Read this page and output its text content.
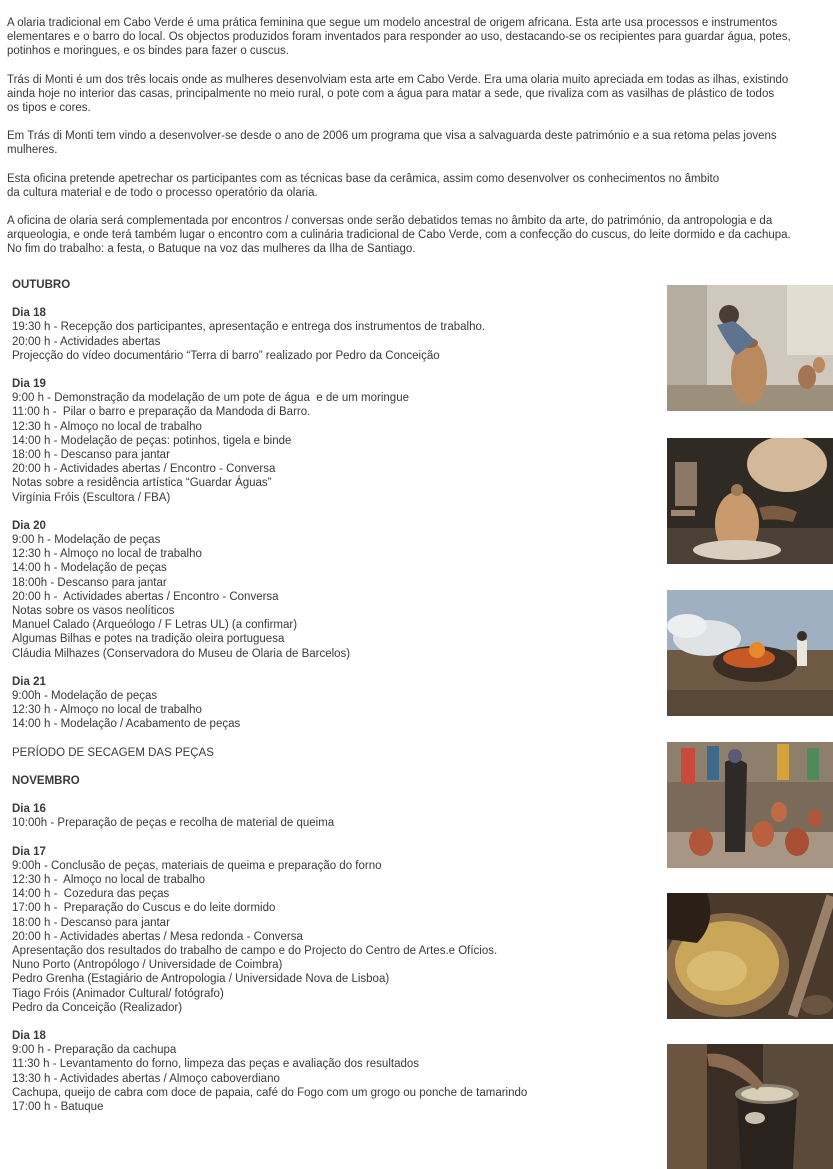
A olaria tradicional em Cabo Verde é uma prática feminina que segue um modelo ancestral de origem africana. Esta arte usa processos e instrumentos
elementares e o barro do local. Os objectos produzidos foram inventados para responder ao uso, destacando-se os recipientes para guardar água, potes,
potinhos e moringues, e os bindes para fazer o cuscus.

Trás di Monti é um dos três locais onde as mulheres desenvolviam esta arte em Cabo Verde. Era uma olaria muito apreciada em todas as ilhas, existindo
ainda hoje no interior das casas, principalmente no meio rural, o pote com a água para matar a sede, que rivaliza com as vasilhas de plástico de todos
os tipos e cores.

Em Trás di Monti tem vindo a desenvolver-se desde o ano de 2006 um programa que visa a salvaguarda deste património e a sua retoma pelas jovens
mulheres.

Esta oficina pretende apetrechar os participantes com as técnicas base da cerâmica, assim como desenvolver os conhecimentos no âmbito
da cultura material e de todo o processo operatório da olaria.

A oficina de olaria será complementada por encontros / conversas onde serão debatidos temas no âmbito da arte, do património, da antropologia e da
arqueologia, e onde terá também lugar o encontro com a culinária tradicional de Cabo Verde, com a confecção do cuscus, do leite dormido e da cachupa.
No fim do trabalho: a festa, o Batuque na voz das mulheres da Ilha de Santiago.

OUTUBRO
Dia 18
19:30 h - Recepção dos participantes, apresentação e entrega dos instrumentos de trabalho.
20:00 h - Actividades abertas
Projecção do vídeo documentário “Terra di barro” realizado por Pedro da Conceição
Dia 19
9:00 h - Demonstração da modelação de um pote de água  e de um moringue
11:00 h -  Pilar o barro e preparação da Mandoda di Barro.
12:30 h - Almoço no local de trabalho
14:00 h - Modelação de peças: potinhos, tigela e binde
18:00 h - Descanso para jantar
20:00 h - Actividades abertas / Encontro - Conversa
Notas sobre a residência artística “Guardar Águas”
Virgínia Fróis (Escultora / FBA)
Dia 20
9:00 h - Modelação de peças
12:30 h - Almoço no local de trabalho
14:00 h - Modelação de peças
18:00h - Descanso para jantar
20:00 h -  Actividades abertas / Encontro - Conversa
Notas sobre os vasos neolíticos
Manuel Calado (Arqueólogo / F Letras UL) (a confirmar)
Algumas Bilhas e potes na tradição oleira portuguesa
Cláudia Milhazes (Conservadora do Museu de Olaria de Barcelos)
Dia 21
9:00h - Modelação de peças
12:30 h - Almoço no local de trabalho
14:00 h - Modelação / Acabamento de peças
PERÍODO DE SECAGEM DAS PEÇAS
NOVEMBRO
Dia 16
10:00h - Preparação de peças e recolha de material de queima
Dia 17
9:00h - Conclusão de peças, materiais de queima e preparação do forno
12:30 h -  Almoço no local de trabalho
14:00 h -  Cozedura das peças
17:00 h -  Preparação do Cuscus e do leite dormido
18:00 h - Descanso para jantar
20:00 h - Actividades abertas / Mesa redonda - Conversa
Apresentação dos resultados do trabalho de campo e do Projecto do Centro de Artes.e Ofícios.
Nuno Porto (Antropólogo / Universidade de Coimbra)
Pedro Grenha (Estagiário de Antropologia / Universidade Nova de Lisboa)
Tiago Fróis (Animador Cultural/ fotógrafo)
Pedro da Conceição (Realizador)
Dia 18
9:00 h - Preparação da cachupa
11:30 h - Levantamento do forno, limpeza das peças e avaliação dos resultados
13:30 h - Actividades abertas / Almoço caboverdiano
Cachupa, queijo de cabra com doce de papaia, café do Fogo com um grogo ou ponche de tamarindo
17:00 h - Batuque
